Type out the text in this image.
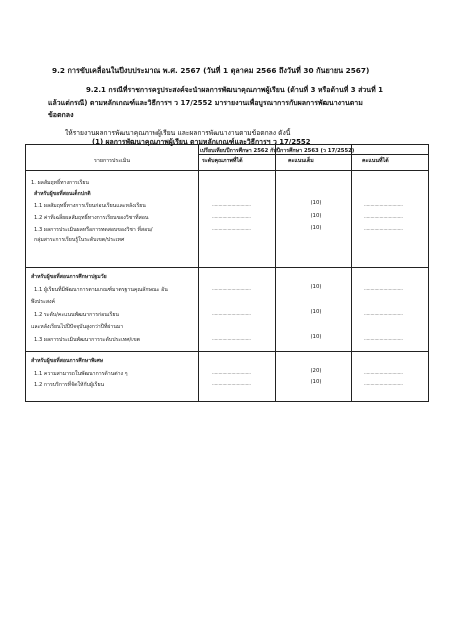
9.2 การขับเคลื่อนในปีงบประมาณ พ.ศ. 2567 (วันที่ 1 ตุลาคม 2566 ถึงวันที่ 30 กันยายน 2567)
9.2.1 กรณีที่ราชการครูประสงค์จะนำผลการพัฒนาคุณภาพผู้เรียน (ด้านที่ 3 หรือด้านที่ 3 ส่วนที่ 1
แล้วแต่กรณี) ตามหลักเกณฑ์และวิธีการฯ ว 17/2552 มารายงานเพื่อบูรณาการกับผลการพัฒนางานตาม
ข้อตกลง
ให้รายงานผลการพัฒนาคุณภาพผู้เรียน และผลการพัฒนางานตามข้อตกลง ดังนี้
(1) ผลการพัฒนาคุณภาพผู้เรียน ตามหลักเกณฑ์และวิธีการฯ ว 17/2552
รายการประเมิน
เปรียบเทียบปีการศึกษา 2562 กับปีการศึกษา 2563 (ว 17/2552)
ระดับคุณภาพที่ได้	คะแนนเต็ม	คะแนนที่ได้
1. ผลสัมฤทธิ์ทางการเรียน
สำหรับผู้ขอที่สอนเด็กปกติ
1.1 ผลสัมฤทธิ์ทางการเรียนก่อนเรียนและหลังเรียน
1.2 ค่าทีเฉลี่ยผลสัมฤทธิ์ทางการเรียนของวิชาที่สอน
1.3 ผลการประเมินผลหรือการทดสอบของวิชา ที่สอน/
กลุ่มสาระการเรียนรู้ในระดับเขต/ประเทศ
..............................
..............................
..............................
(10)
(10)
(10)
..............................
..............................
..............................
สำหรับผู้ขอที่สอนการศึกษาปฐมวัย
1.1 ผู้เรียนที่มีพัฒนาการตามเกณฑ์มาตรฐานคุณลักษณะ อัน
พึงประสงค์
1.2 ระดับ/คะแนนพัฒนาการก่อนเรียน
และหลังเรียนไปปีปัจจุบันสูงกว่าปีที่ผ่านมา
1.3 ผลการประเมินพัฒนาการระดับประเทศ/เขต
..............................
..............................
..............................
(10)
(10)
(10)
..............................
..............................
..............................
สำหรับผู้ขอที่สอนการศึกษาพิเศษ
1.1 ความสามารถในพัฒนาการด้านต่าง ๆ
1.2 การบริการที่จัดให้กับผู้เรียน
..............................
..............................
(20)
(10)
..............................
..............................
